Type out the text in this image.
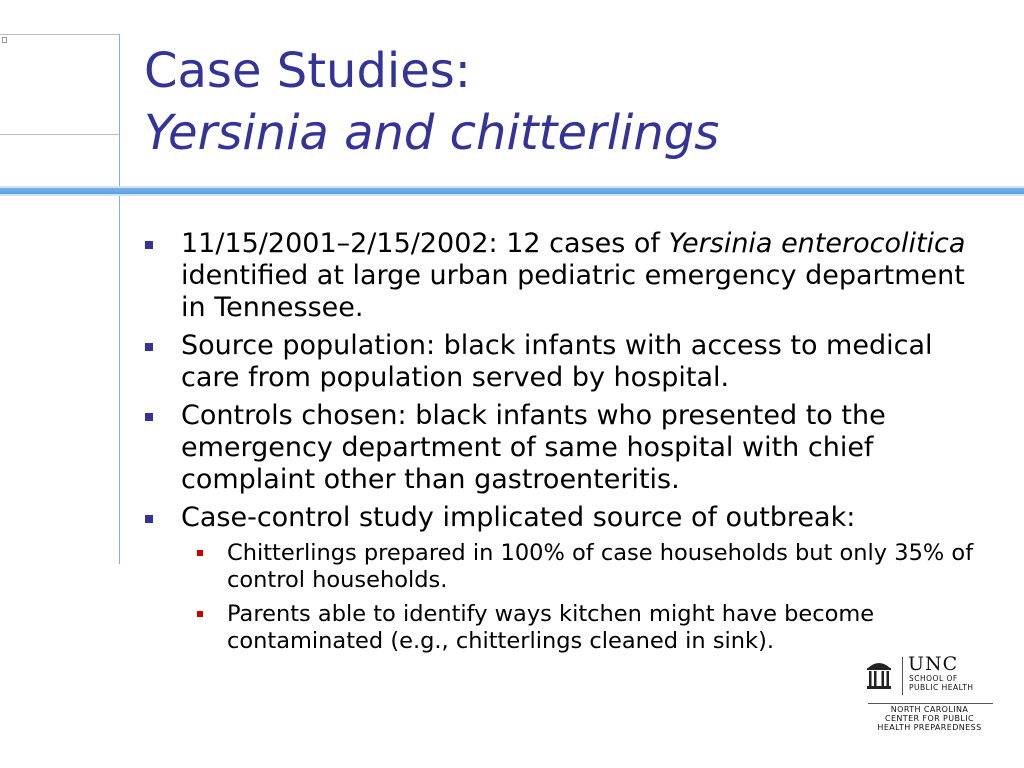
Case Studies:
Yersinia and chitterlings
11/15/2001–2/15/2002: 12 cases of Yersinia enterocolitica identified at large urban pediatric emergency department in Tennessee.
Source population: black infants with access to medical care from population served by hospital.
Controls chosen: black infants who presented to the emergency department of same hospital with chief complaint other than gastroenteritis.
Case-control study implicated source of outbreak:
Chitterlings prepared in 100% of case households but only 35% of control households.
Parents able to identify ways kitchen might have become contaminated (e.g., chitterlings cleaned in sink).
UNC
SCHOOL OF
PUBLIC HEALTH
NORTH CAROLINA
CENTER FOR PUBLIC
HEALTH PREPAREDNESS
